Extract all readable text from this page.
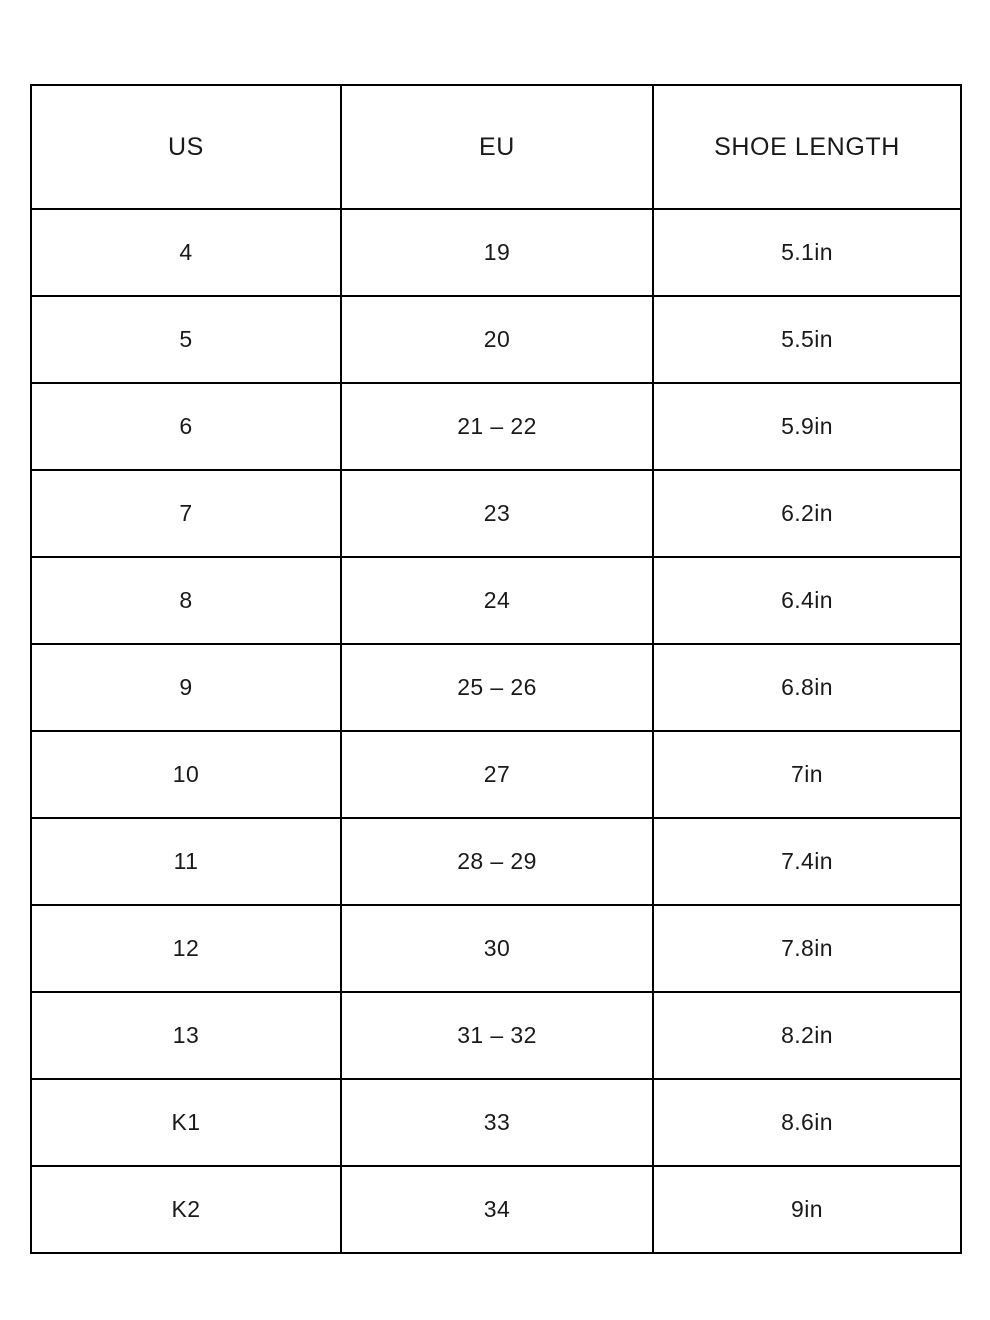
US	EU	SHOE LENGTH

4	19	5.1in

5	20	5.5in

6	21 – 22	5.9in

7	23	6.2in

8	24	6.4in

9	25 – 26	6.8in

10	27	7in

11	28 – 29	7.4in

12	30	7.8in

13	31 – 32	8.2in

K1	33	8.6in

K2	34	9in
